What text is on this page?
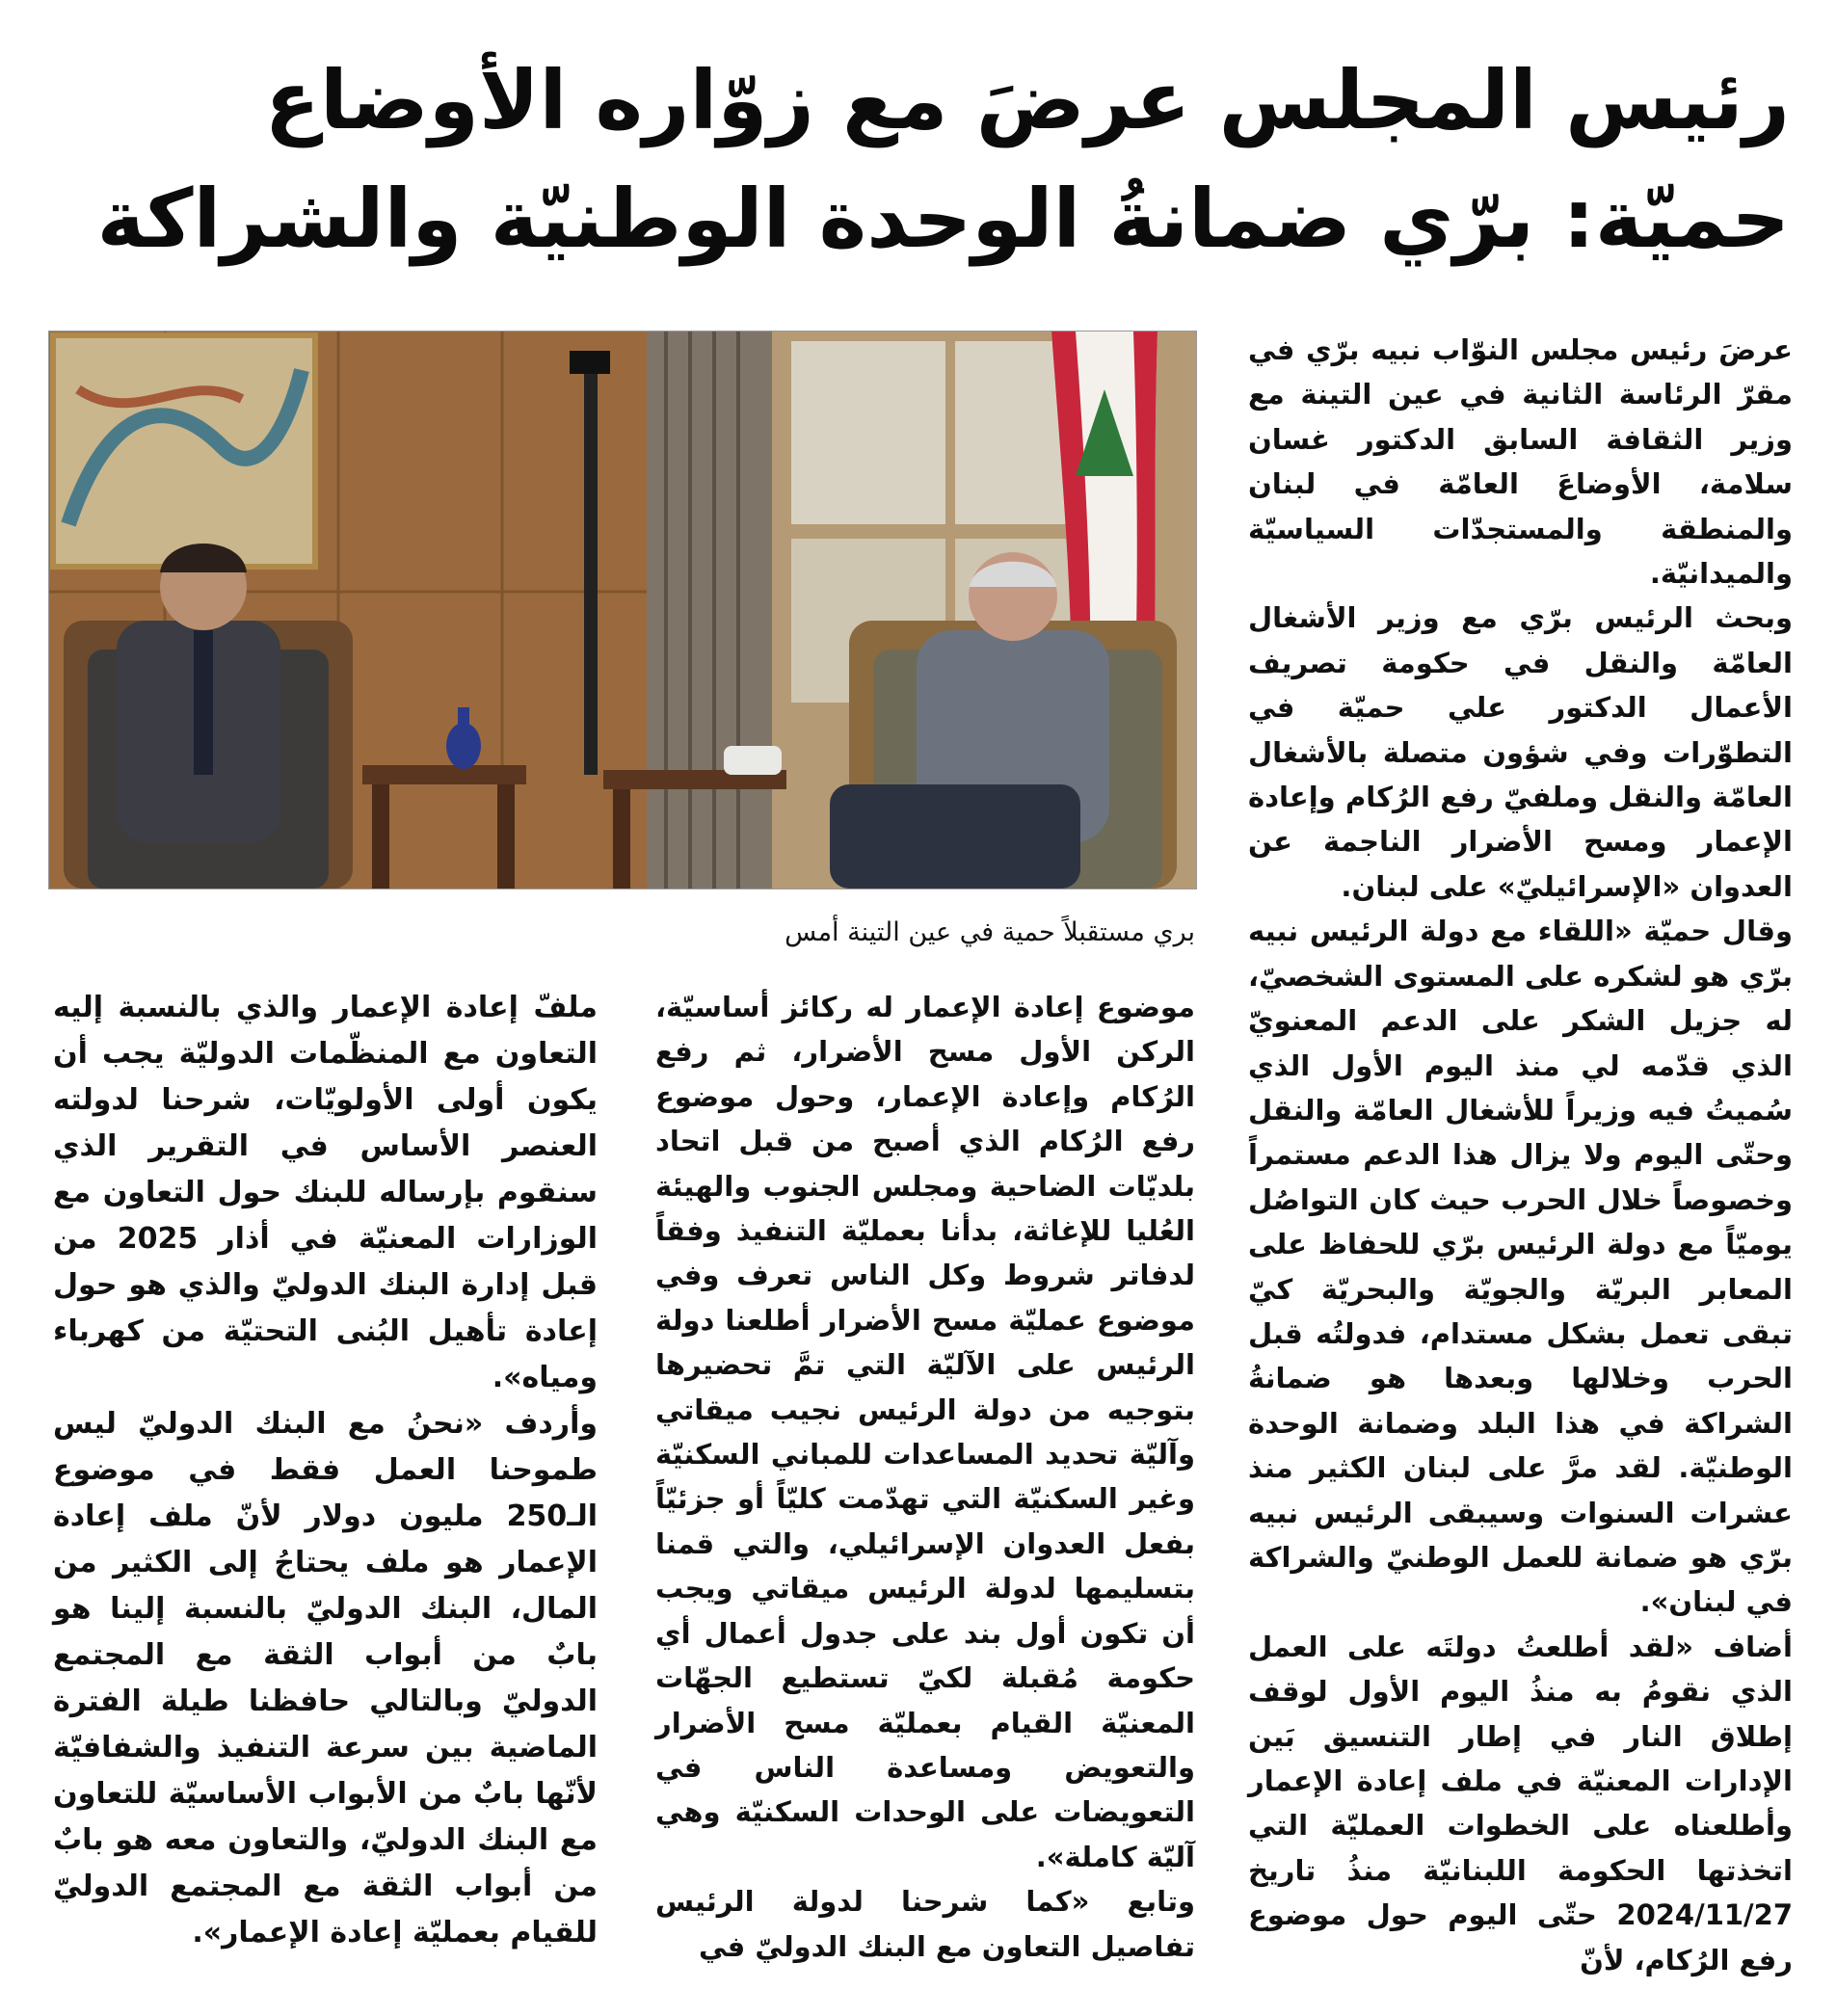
رئيس المجلس عرضَ مع زوّاره الأوضاع
حميّة: برّي ضمانةُ الوحدة الوطنيّة والشراكة

عرضَ رئيس مجلس النوّاب نبيه برّي في مقرّ الرئاسة الثانية في عين التينة مع وزير الثقافة السابق الدكتور غسان سلامة، الأوضاعَ العامّة في لبنان والمنطقة والمستجدّات السياسيّة والميدانيّة.

وبحث الرئيس برّي مع وزير الأشغال العامّة والنقل في حكومة تصريف الأعمال الدكتور علي حميّة في التطوّرات وفي شؤون متصلة بالأشغال العامّة والنقل وملفيّ رفع الرُكام وإعادة الإعمار ومسح الأضرار الناجمة عن العدوان «الإسرائيليّ» على لبنان.

وقال حميّة «اللقاء مع دولة الرئيس نبيه برّي هو لشكره على المستوى الشخصيّ، له جزيل الشكر على الدعم المعنويّ الذي قدّمه لي منذ اليوم الأول الذي سُميتُ فيه وزيراً للأشغال العامّة والنقل وحتّى اليوم ولا يزال هذا الدعم مستمراً وخصوصاً خلال الحرب حيث كان التواصُل يوميّاً مع دولة الرئيس برّي للحفاظ على المعابر البريّة والجويّة والبحريّة كيّ تبقى تعمل بشكل مستدام، فدولتُه قبل الحرب وخلالها وبعدها هو ضمانةُ الشراكة في هذا البلد وضمانة الوحدة الوطنيّة. لقد مرَّ على لبنان الكثير منذ عشرات السنوات وسيبقى الرئيس نبيه برّي هو ضمانة للعمل الوطنيّ والشراكة في لبنان».

أضاف «لقد أطلعتُ دولتَه على العمل الذي نقومُ به منذُ اليوم الأول لوقف إطلاق النار في إطار التنسيق بَين الإدارات المعنيّة في ملف إعادة الإعمار وأطلعناه على الخطوات العمليّة التي اتخذتها الحكومة اللبنانيّة منذُ تاريخ 2024/11/27 حتّى اليوم حول موضوع رفع الرُكام، لأنّ

بري مستقبلاً حمية في عين التينة أمس

موضوع إعادة الإعمار له ركائز أساسيّة، الركن الأول مسح الأضرار، ثم رفع الرُكام وإعادة الإعمار، وحول موضوع رفع الرُكام الذي أصبح من قبل اتحاد بلديّات الضاحية ومجلس الجنوب والهيئة العُليا للإغاثة، بدأنا بعمليّة التنفيذ وفقاً لدفاتر شروط وكل الناس تعرف وفي موضوع عمليّة مسح الأضرار أطلعنا دولة الرئيس على الآليّة التي تمَّ تحضيرها بتوجيه من دولة الرئيس نجيب ميقاتي وآليّة تحديد المساعدات للمباني السكنيّة وغير السكنيّة التي تهدّمت كليّاً أو جزئيّاً بفعل العدوان الإسرائيلي، والتي قمنا بتسليمها لدولة الرئيس ميقاتي ويجب أن تكون أول بند على جدول أعمال أي حكومة مُقبلة لكيّ تستطيع الجهّات المعنيّة القيام بعمليّة مسح الأضرار والتعويض ومساعدة الناس في التعويضات على الوحدات السكنيّة وهي آليّة كاملة».

وتابع «كما شرحنا لدولة الرئيس تفاصيل التعاون مع البنك الدوليّ في

ملفّ إعادة الإعمار والذي بالنسبة إليه التعاون مع المنظّمات الدوليّة يجب أن يكون أولى الأولويّات، شرحنا لدولته العنصر الأساس في التقرير الذي سنقوم بإرساله للبنك حول التعاون مع الوزارات المعنيّة في أذار 2025 من قبل إدارة البنك الدوليّ والذي هو حول إعادة تأهيل البُنى التحتيّة من كهرباء ومياه».

وأردف «نحنُ مع البنك الدوليّ ليس طموحنا العمل فقط في موضوع الـ250 مليون دولار لأنّ ملف إعادة الإعمار هو ملف يحتاجُ إلى الكثير من المال، البنك الدوليّ بالنسبة إلينا هو بابٌ من أبواب الثقة مع المجتمع الدوليّ وبالتالي حافظنا طيلة الفترة الماضية بين سرعة التنفيذ والشفافيّة لأنّها بابٌ من الأبواب الأساسيّة للتعاون مع البنك الدوليّ، والتعاون معه هو بابٌ من أبواب الثقة مع المجتمع الدوليّ للقيام بعمليّة إعادة الإعمار».
